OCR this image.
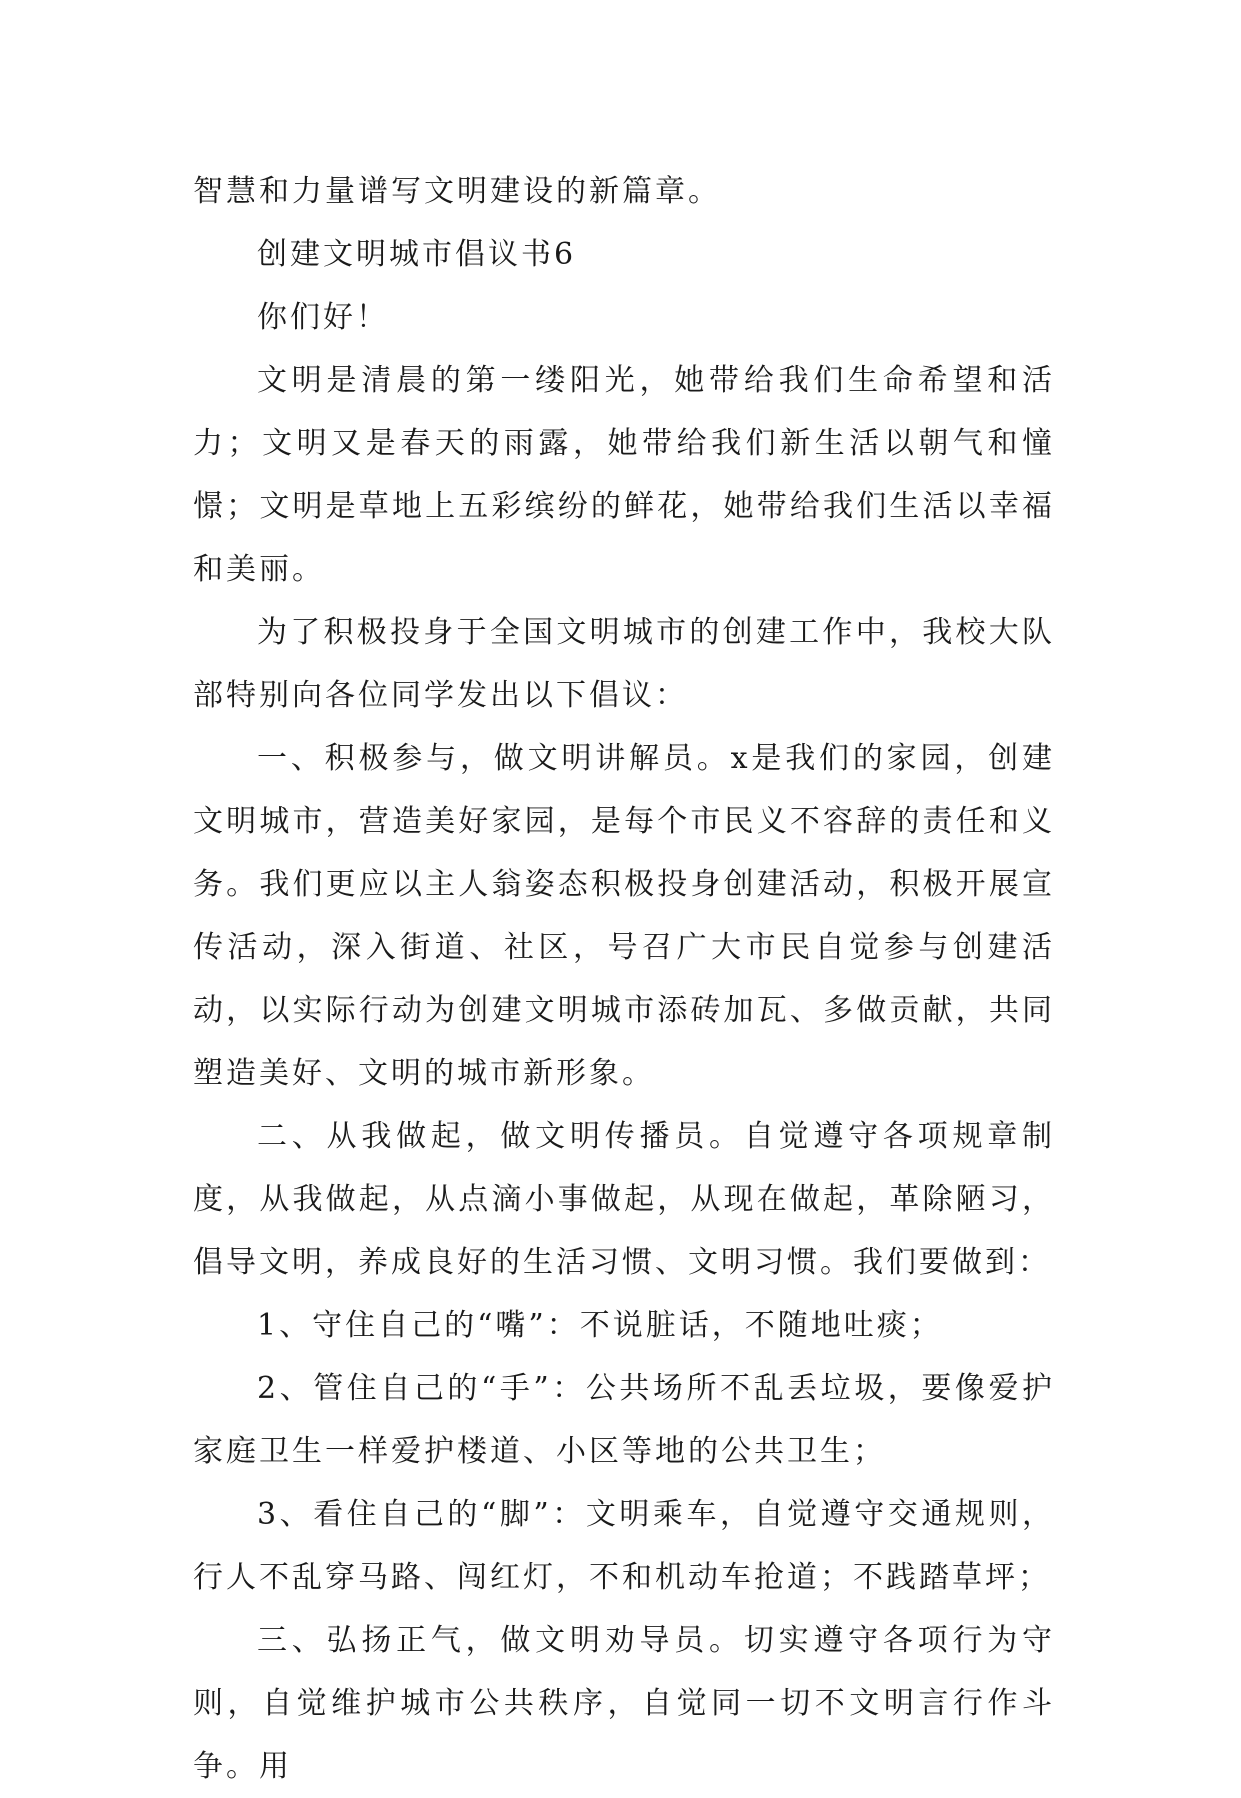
智慧和力量谱写文明建设的新篇章。

创建文明城市倡议书6

你们好！

文明是清晨的第一缕阳光，她带给我们生命希望和活力；文明又是春天的雨露，她带给我们新生活以朝气和憧憬；文明是草地上五彩缤纷的鲜花，她带给我们生活以幸福和美丽。

为了积极投身于全国文明城市的创建工作中，我校大队部特别向各位同学发出以下倡议：

一、积极参与，做文明讲解员。x是我们的家园，创建文明城市，营造美好家园，是每个市民义不容辞的责任和义务。我们更应以主人翁姿态积极投身创建活动，积极开展宣传活动，深入街道、社区，号召广大市民自觉参与创建活动，以实际行动为创建文明城市添砖加瓦、多做贡献，共同塑造美好、文明的城市新形象。

二、从我做起，做文明传播员。自觉遵守各项规章制度，从我做起，从点滴小事做起，从现在做起，革除陋习，倡导文明，养成良好的生活习惯、文明习惯。我们要做到：

1、守住自己的“嘴”：不说脏话，不随地吐痰；

2、管住自己的“手”：公共场所不乱丢垃圾，要像爱护家庭卫生一样爱护楼道、小区等地的公共卫生；

3、看住自己的“脚”：文明乘车，自觉遵守交通规则，行人不乱穿马路、闯红灯，不和机动车抢道；不践踏草坪；

三、弘扬正气，做文明劝导员。切实遵守各项行为守则，自觉维护城市公共秩序，自觉同一切不文明言行作斗争。用
